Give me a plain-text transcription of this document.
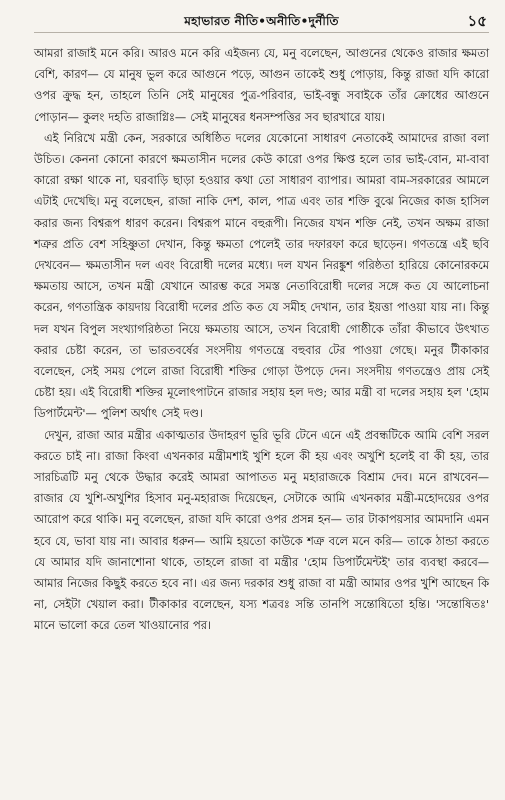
মহাভারত নীতি•অনীতি•দুর্নীতি	১৫

আমরা রাজাই মনে করি। আরও মনে করি এইজন্য যে, মনু বলেছেন, আগুনের থেকেও রাজার ক্ষমতা বেশি, কারণ— যে মানুষ ভুল করে আগুনে পড়ে, আগুন তাকেই শুধু পোড়ায়, কিন্তু রাজা যদি কারো ওপর ক্রুদ্ধ হন, তাহলে তিনি সেই মানুষের পুত্র-পরিবার, ভাই-বন্ধু সবাইকে তাঁর ক্রোধের আগুনে পোড়ান— কুলং দহতি রাজাগ্নিঃ— সেই মানুষের ধনসম্পত্তির সব ছারখারে যায়।

এই নিরিখে মন্ত্রী কেন, সরকারে অধিষ্ঠিত দলের যেকোনো সাধারণ নেতাকেই আমাদের রাজা বলা উচিত। কেননা কোনো কারণে ক্ষমতাসীন দলের কেউ কারো ওপর ক্ষিপ্ত হলে তার ভাই-বোন, মা-বাবা কারো রক্ষা থাকে না, ঘরবাড়ি ছাড়া হওয়ার কথা তো সাধারণ ব্যাপার। আমরা বাম-সরকারের আমলে এটাই দেখেছি। মনু বলেছেন, রাজা নাকি দেশ, কাল, পাত্র এবং তার শক্তি বুঝে নিজের কাজ হাসিল করার জন্য বিশ্বরূপ ধারণ করেন। বিশ্বরূপ মানে বহুরূপী। নিজের যখন শক্তি নেই, তখন অক্ষম রাজা শত্রুর প্রতি বেশ সহিষ্ণুতা দেখান, কিন্তু ক্ষমতা পেলেই তার দফারফা করে ছাড়েন। গণতন্ত্রে এই ছবি দেখবেন— ক্ষমতাসীন দল এবং বিরোধী দলের মধ্যে। দল যখন নিরঙ্কুশ গরিষ্ঠতা হারিয়ে কোনোরকমে ক্ষমতায় আসে, তখন মন্ত্রী যেখানে আরম্ভ করে সমস্ত নেতাবিরোধী দলের সঙ্গে কত যে আলোচনা করেন, গণতান্ত্রিক কায়দায় বিরোধী দলের প্রতি কত যে সমীহ দেখান, তার ইয়ত্তা পাওয়া যায় না। কিন্তু দল যখন বিপুল সংখ্যাগরিষ্ঠতা নিয়ে ক্ষমতায় আসে, তখন বিরোধী গোষ্ঠীকে তাঁরা কীভাবে উৎখাত করার চেষ্টা করেন, তা ভারতবর্ষের সংসদীয় গণতন্ত্রে বহুবার টের পাওয়া গেছে। মনুর টীকাকার বলেছেন, সেই সময় পেলে রাজা বিরোধী শক্তির গোড়া উপড়ে দেন। সংসদীয় গণতন্ত্রেও প্রায় সেই চেষ্টা হয়। এই বিরোধী শক্তির মূলোৎপাটনে রাজার সহায় হল দণ্ড; আর মন্ত্রী বা দলের সহায় হল 'হোম ডিপার্টমেন্ট'— পুলিশ অর্থাৎ সেই দণ্ড।

দেখুন, রাজা আর মন্ত্রীর একাত্মতার উদাহরণ ভূরি ভূরি টেনে এনে এই প্রবন্ধটিকে আমি বেশি সরল করতে চাই না। রাজা কিংবা এখনকার মন্ত্রীমশাই খুশি হলে কী হয় এবং অখুশি হলেই বা কী হয়, তার সারচিত্রটি মনু থেকে উদ্ধার করেই আমরা আপাতত মনু মহারাজকে বিশ্রাম দেব। মনে রাখবেন— রাজার যে খুশি-অখুশির হিসাব মনু-মহারাজ দিয়েছেন, সেটাকে আমি এখনকার মন্ত্রী-মহোদয়ের ওপর আরোপ করে থাকি। মনু বলেছেন, রাজা যদি কারো ওপর প্রসন্ন হন— তার টাকাপয়সার আমদানি এমন হবে যে, ভাবা যায় না। আবার ধরুন— আমি হয়তো কাউকে শত্রু বলে মনে করি— তাকে ঠান্ডা করতে যে আমার যদি জানাশোনা থাকে, তাহলে রাজা বা মন্ত্রীর 'হোম ডিপার্টমেন্টই' তার ব্যবস্থা করবে— আমার নিজের কিছুই করতে হবে না। এর জন্য দরকার শুধু রাজা বা মন্ত্রী আমার ওপর খুশি আছেন কি না, সেইটা খেয়াল করা। টীকাকার বলেছেন, যস্য শত্রবঃ সন্তি তানপি সন্তোষিতো হন্তি। 'সন্তোষিতঃ' মানে ভালো করে তেল খাওয়ানোর পর।
